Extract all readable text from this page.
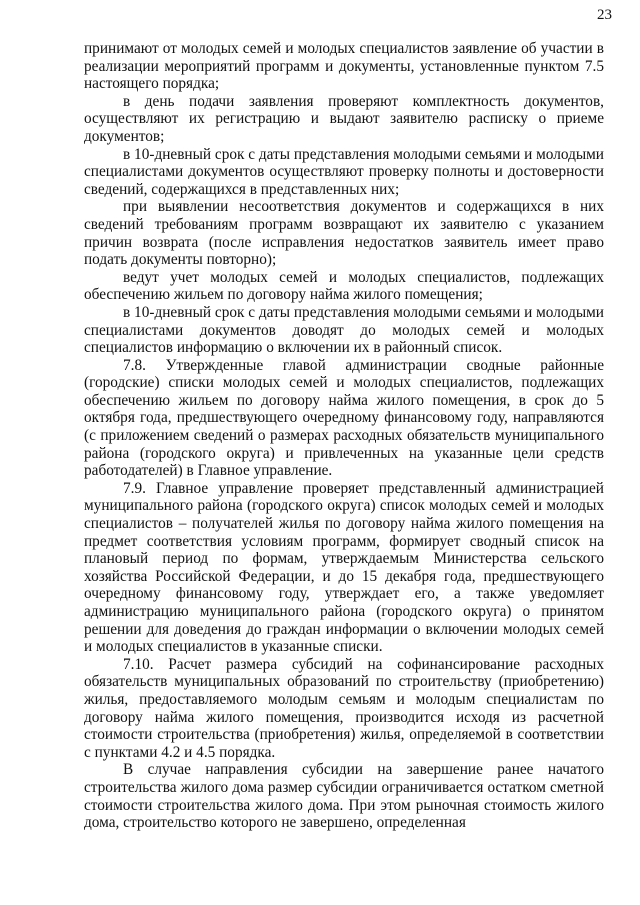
23

принимают от молодых семей и молодых специалистов заявление об участии в реализации мероприятий программ и документы, установленные пунктом 7.5 настоящего порядка;

в день подачи заявления проверяют комплектность документов, осуществляют их регистрацию и выдают заявителю расписку о приеме документов;

в 10-дневный срок с даты представления молодыми семьями и молодыми специалистами документов осуществляют проверку полноты и достоверности сведений, содержащихся в представленных них;

при выявлении несоответствия документов и содержащихся в них сведений требованиям программ возвращают их заявителю с указанием причин возврата (после исправления недостатков заявитель имеет право подать документы повторно);

ведут учет молодых семей и молодых специалистов, подлежащих обеспечению жильем по договору найма жилого помещения;

в 10-дневный срок с даты представления молодыми семьями и молодыми специалистами документов доводят до молодых семей и молодых специалистов информацию о включении их в районный список.

7.8. Утвержденные главой администрации сводные районные (городские) списки молодых семей и молодых специалистов, подлежащих обеспечению жильем по договору найма жилого помещения, в срок до 5 октября года, предшествующего очередному финансовому году, направляются (с приложением сведений о размерах расходных обязательств муниципального района (городского округа) и привлеченных на указанные цели средств работодателей) в Главное управление.

7.9. Главное управление проверяет представленный администрацией муниципального района (городского округа) список молодых семей и молодых специалистов – получателей жилья по договору найма жилого помещения на предмет соответствия условиям программ, формирует сводный список на плановый период по формам, утверждаемым Министерства сельского хозяйства Российской Федерации, и до 15 декабря года, предшествующего очередному финансовому году, утверждает его, а также уведомляет администрацию муниципального района (городского округа) о принятом решении для доведения до граждан информации о включении молодых семей и молодых специалистов в указанные списки.

7.10. Расчет размера субсидий на софинансирование расходных обязательств муниципальных образований по строительству (приобретению) жилья, предоставляемого молодым семьям и молодым специалистам по договору найма жилого помещения, производится исходя из расчетной стоимости строительства (приобретения) жилья, определяемой в соответствии с пунктами 4.2 и 4.5 порядка.

В случае направления субсидии на завершение ранее начатого строительства жилого дома размер субсидии ограничивается остатком сметной стоимости строительства жилого дома. При этом рыночная стоимость жилого дома, строительство которого не завершено, определенная
